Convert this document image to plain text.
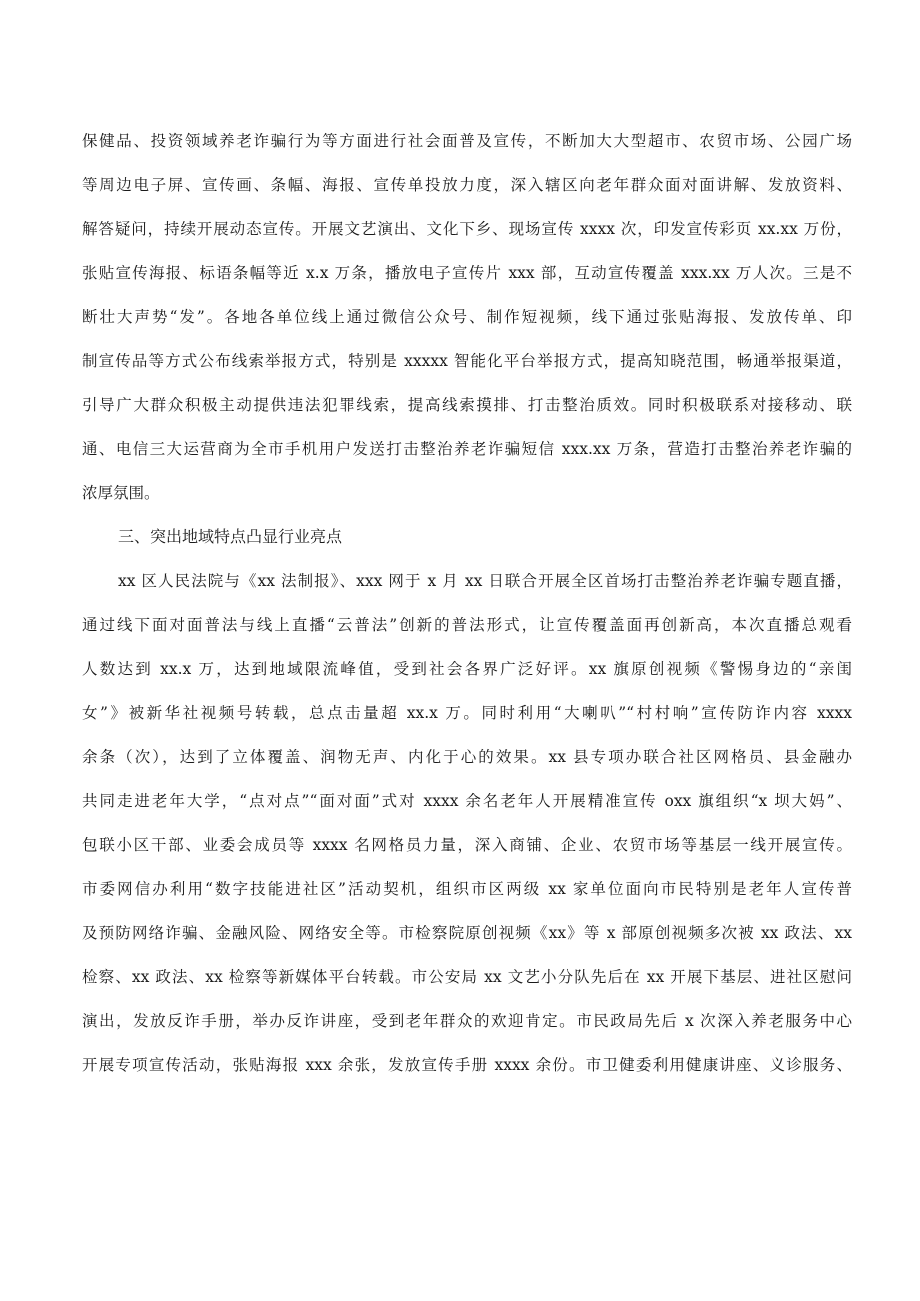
保健品、投资领域养老诈骗行为等方面进行社会面普及宣传，不断加大大型超市、农贸市场、公园广场
等周边电子屏、宣传画、条幅、海报、宣传单投放力度，深入辖区向老年群众面对面讲解、发放资料、
解答疑问，持续开展动态宣传。开展文艺演出、文化下乡、现场宣传 xxxx 次，印发宣传彩页 xx.xx 万份，
张贴宣传海报、标语条幅等近 x.x 万条，播放电子宣传片 xxx 部，互动宣传覆盖 xxx.xx 万人次。三是不
断壮大声势“发”。各地各单位线上通过微信公众号、制作短视频，线下通过张贴海报、发放传单、印
制宣传品等方式公布线索举报方式，特别是 xxxxx 智能化平台举报方式，提高知晓范围，畅通举报渠道，
引导广大群众积极主动提供违法犯罪线索，提高线索摸排、打击整治质效。同时积极联系对接移动、联
通、电信三大运营商为全市手机用户发送打击整治养老诈骗短信 xxx.xx 万条，营造打击整治养老诈骗的
浓厚氛围。
三、突出地域特点凸显行业亮点
xx 区人民法院与《xx 法制报》、xxx 网于 x 月 xx 日联合开展全区首场打击整治养老诈骗专题直播，
通过线下面对面普法与线上直播“云普法”创新的普法形式，让宣传覆盖面再创新高，本次直播总观看
人数达到 xx.x 万，达到地域限流峰值，受到社会各界广泛好评。xx 旗原创视频《警惕身边的“亲闺
女”》被新华社视频号转载，总点击量超 xx.x 万。同时利用“大喇叭”“村村响”宣传防诈内容 xxxx
余条（次），达到了立体覆盖、润物无声、内化于心的效果。xx 县专项办联合社区网格员、县金融办
共同走进老年大学，“点对点”“面对面”式对 xxxx 余名老年人开展精准宣传 oxx 旗组织“x 坝大妈”、
包联小区干部、业委会成员等 xxxx 名网格员力量，深入商铺、企业、农贸市场等基层一线开展宣传。
市委网信办利用“数字技能进社区”活动契机，组织市区两级 xx 家单位面向市民特别是老年人宣传普
及预防网络诈骗、金融风险、网络安全等。市检察院原创视频《xx》等 x 部原创视频多次被 xx 政法、xx
检察、xx 政法、xx 检察等新媒体平台转载。市公安局 xx 文艺小分队先后在 xx 开展下基层、进社区慰问
演出，发放反诈手册，举办反诈讲座，受到老年群众的欢迎肯定。市民政局先后 x 次深入养老服务中心
开展专项宣传活动，张贴海报 xxx 余张，发放宣传手册 xxxx 余份。市卫健委利用健康讲座、义诊服务、
